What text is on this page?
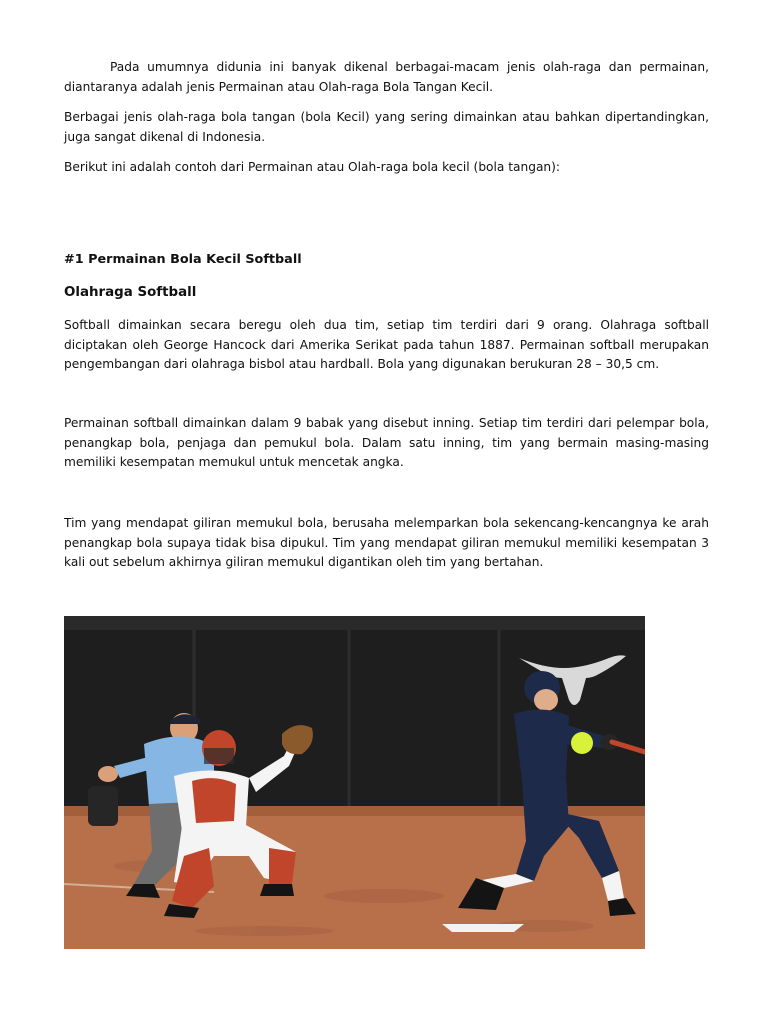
Pada umumnya didunia ini banyak dikenal berbagai-macam jenis olah-raga dan permainan, diantaranya adalah jenis Permainan atau Olah-raga Bola Tangan Kecil.

Berbagai jenis olah-raga bola tangan (bola Kecil) yang sering dimainkan atau bahkan dipertandingkan, juga sangat dikenal di Indonesia.

Berikut ini adalah contoh dari Permainan atau Olah-raga bola kecil (bola tangan):

#1 Permainan Bola Kecil Softball
Olahraga Softball

Softball dimainkan secara beregu oleh dua tim, setiap tim terdiri dari 9 orang. Olahraga softball diciptakan oleh George Hancock dari Amerika Serikat pada tahun 1887. Permainan softball merupakan pengembangan dari olahraga bisbol atau hardball. Bola yang digunakan berukuran 28 – 30,5 cm.

Permainan softball dimainkan dalam 9 babak yang disebut inning. Setiap tim terdiri dari pelempar bola, penangkap bola, penjaga dan pemukul bola. Dalam satu inning, tim yang bermain masing-masing memiliki kesempatan memukul untuk mencetak angka.

Tim yang mendapat giliran memukul bola, berusaha melemparkan bola sekencang-kencangnya ke arah penangkap bola supaya tidak bisa dipukul. Tim yang mendapat giliran memukul memiliki kesempatan 3 kali out sebelum akhirnya giliran memukul digantikan oleh tim yang bertahan.
